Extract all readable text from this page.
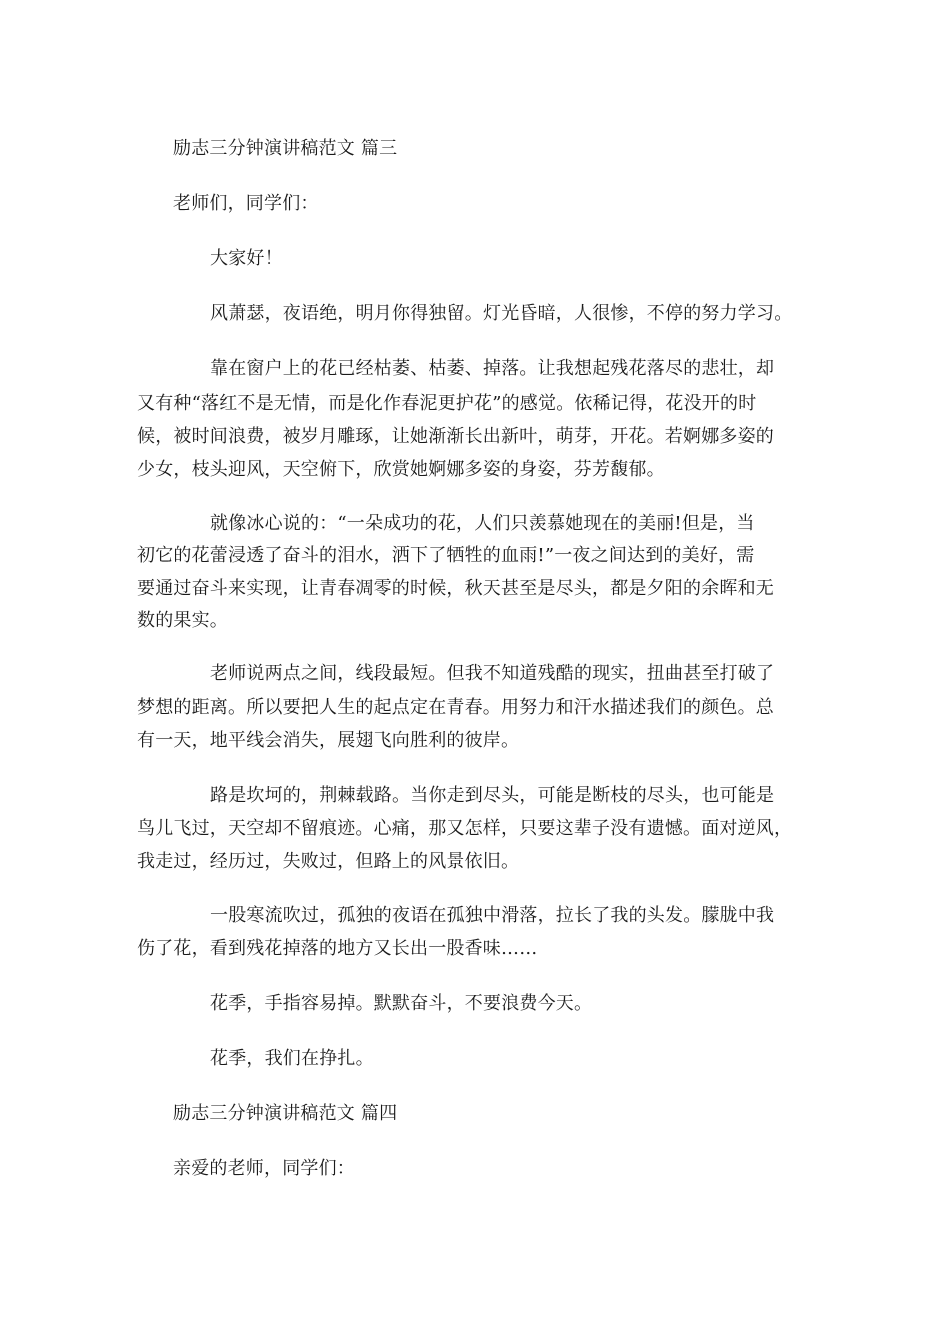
励志三分钟演讲稿范文 篇三
老师们，同学们：
大家好！
风萧瑟，夜语绝，明月你得独留。灯光昏暗，人很惨，不停的努力学习。
靠在窗户上的花已经枯萎、枯萎、掉落。让我想起残花落尽的悲壮，却
又有种“落红不是无情，而是化作春泥更护花”的感觉。依稀记得，花没开的时
候，被时间浪费，被岁月雕琢，让她渐渐长出新叶，萌芽，开花。若婀娜多姿的
少女，枝头迎风，天空俯下，欣赏她婀娜多姿的身姿，芬芳馥郁。
就像冰心说的：“一朵成功的花，人们只羡慕她现在的美丽!但是，当
初它的花蕾浸透了奋斗的泪水，洒下了牺牲的血雨!”一夜之间达到的美好，需
要通过奋斗来实现，让青春凋零的时候，秋天甚至是尽头，都是夕阳的余晖和无
数的果实。
老师说两点之间，线段最短。但我不知道残酷的现实，扭曲甚至打破了
梦想的距离。所以要把人生的起点定在青春。用努力和汗水描述我们的颜色。总
有一天，地平线会消失，展翅飞向胜利的彼岸。
路是坎坷的，荆棘载路。当你走到尽头，可能是断枝的尽头，也可能是
鸟儿飞过，天空却不留痕迹。心痛，那又怎样，只要这辈子没有遗憾。面对逆风，
我走过，经历过，失败过，但路上的风景依旧。
一股寒流吹过，孤独的夜语在孤独中滑落，拉长了我的头发。朦胧中我
伤了花，看到残花掉落的地方又长出一股香味……
花季，手指容易掉。默默奋斗，不要浪费今天。
花季，我们在挣扎。
励志三分钟演讲稿范文 篇四
亲爱的老师，同学们：
